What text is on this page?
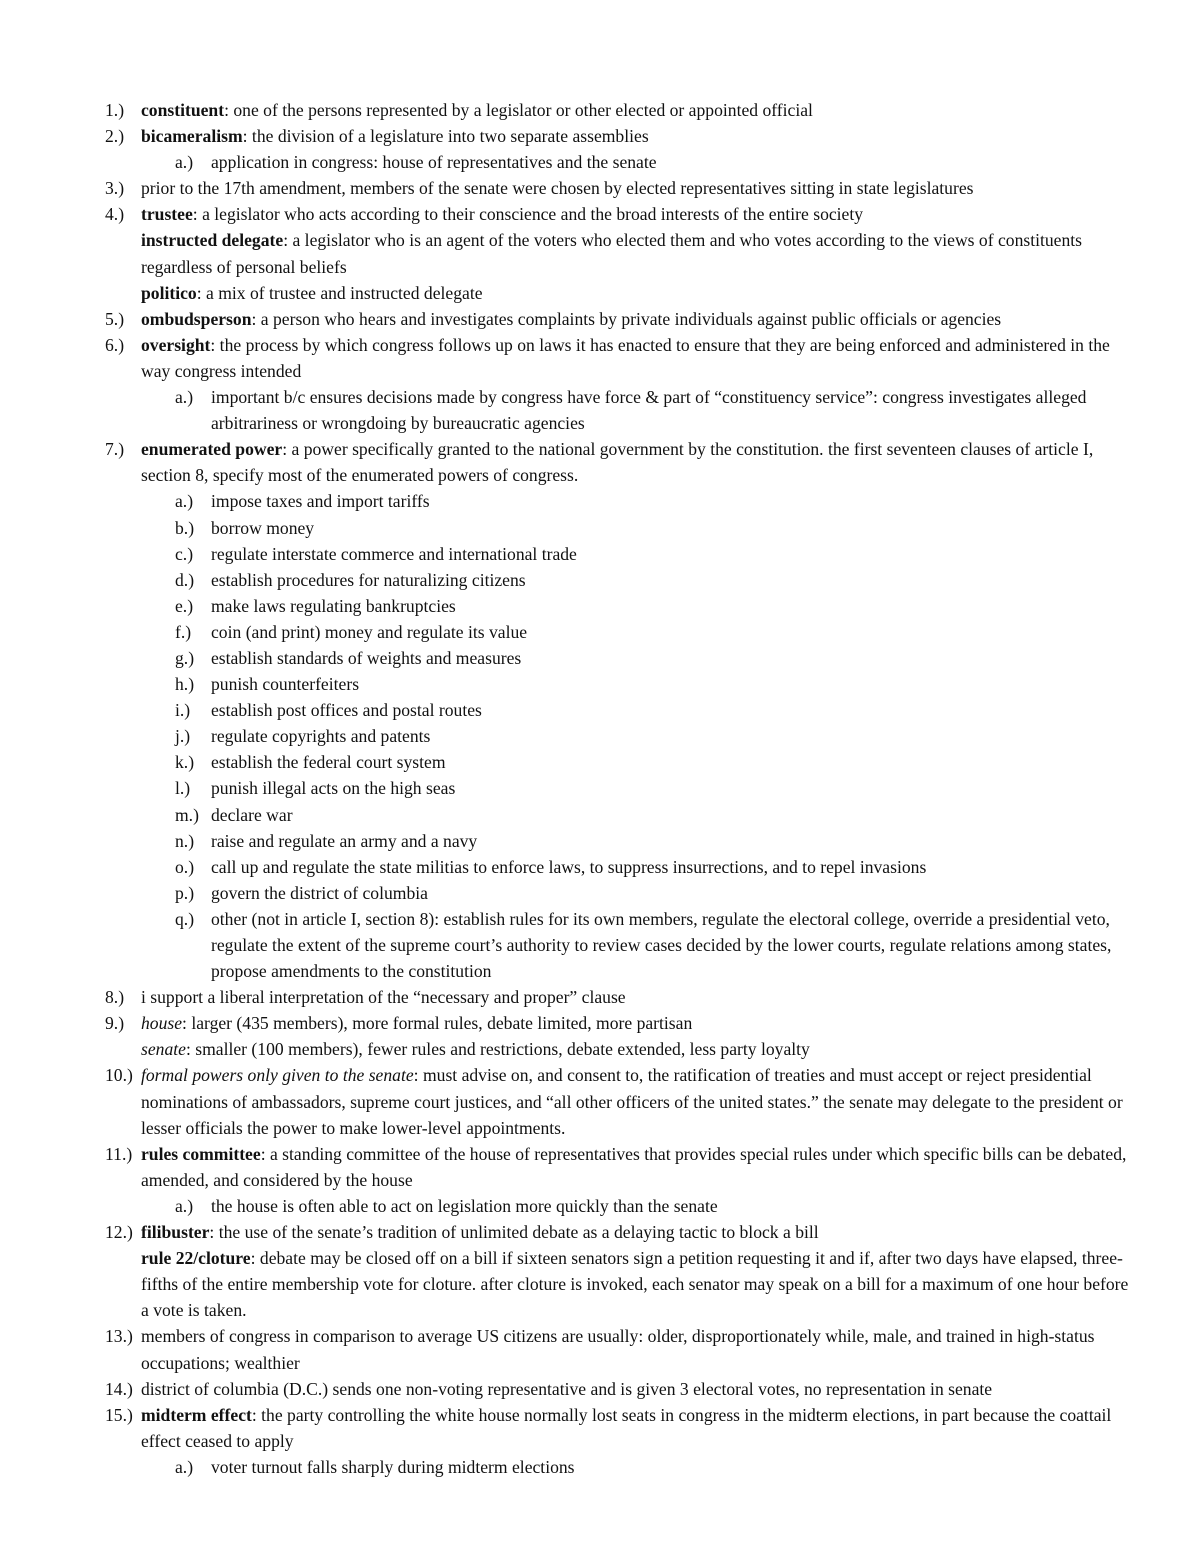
1.) constituent: one of the persons represented by a legislator or other elected or appointed official
2.) bicameralism: the division of a legislature into two separate assemblies
a.) application in congress: house of representatives and the senate
3.) prior to the 17th amendment, members of the senate were chosen by elected representatives sitting in state legislatures
4.) trustee: a legislator who acts according to their conscience and the broad interests of the entire society
instructed delegate: a legislator who is an agent of the voters who elected them and who votes according to the views of constituents regardless of personal beliefs
politico: a mix of trustee and instructed delegate
5.) ombudsperson: a person who hears and investigates complaints by private individuals against public officials or agencies
6.) oversight: the process by which congress follows up on laws it has enacted to ensure that they are being enforced and administered in the way congress intended
a.) important b/c ensures decisions made by congress have force & part of “constituency service”: congress investigates alleged arbitrariness or wrongdoing by bureaucratic agencies
7.) enumerated power: a power specifically granted to the national government by the constitution. the first seventeen clauses of article I, section 8, specify most of the enumerated powers of congress.
a.) impose taxes and import tariffs
b.) borrow money
c.) regulate interstate commerce and international trade
d.) establish procedures for naturalizing citizens
e.) make laws regulating bankruptcies
f.) coin (and print) money and regulate its value
g.) establish standards of weights and measures
h.) punish counterfeiters
i.) establish post offices and postal routes
j.) regulate copyrights and patents
k.) establish the federal court system
l.) punish illegal acts on the high seas
m.) declare war
n.) raise and regulate an army and a navy
o.) call up and regulate the state militias to enforce laws, to suppress insurrections, and to repel invasions
p.) govern the district of columbia
q.) other (not in article I, section 8): establish rules for its own members, regulate the electoral college, override a presidential veto, regulate the extent of the supreme court’s authority to review cases decided by the lower courts, regulate relations among states, propose amendments to the constitution
8.) i support a liberal interpretation of the “necessary and proper” clause
9.) house: larger (435 members), more formal rules, debate limited, more partisan
senate: smaller (100 members), fewer rules and restrictions, debate extended, less party loyalty
10.) formal powers only given to the senate: must advise on, and consent to, the ratification of treaties and must accept or reject presidential nominations of ambassadors, supreme court justices, and “all other officers of the united states.” the senate may delegate to the president or lesser officials the power to make lower-level appointments.
11.) rules committee: a standing committee of the house of representatives that provides special rules under which specific bills can be debated, amended, and considered by the house
a.) the house is often able to act on legislation more quickly than the senate
12.) filibuster: the use of the senate’s tradition of unlimited debate as a delaying tactic to block a bill
rule 22/cloture: debate may be closed off on a bill if sixteen senators sign a petition requesting it and if, after two days have elapsed, three-fifths of the entire membership vote for cloture. after cloture is invoked, each senator may speak on a bill for a maximum of one hour before a vote is taken.
13.) members of congress in comparison to average US citizens are usually: older, disproportionately while, male, and trained in high-status occupations; wealthier
14.) district of columbia (D.C.) sends one non-voting representative and is given 3 electoral votes, no representation in senate
15.) midterm effect: the party controlling the white house normally lost seats in congress in the midterm elections, in part because the coattail effect ceased to apply
a.) voter turnout falls sharply during midterm elections
